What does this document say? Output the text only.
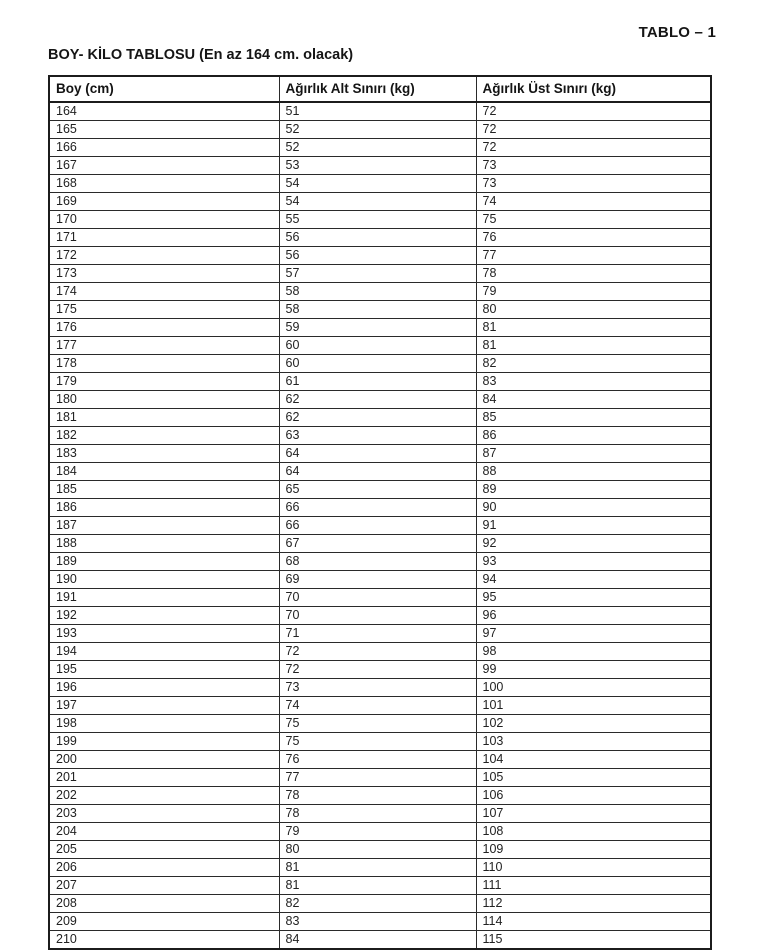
TABLO – 1
BOY- KİLO TABLOSU (En az 164 cm. olacak)
Boy (cm)	Ağırlık Alt Sınırı (kg)	Ağırlık Üst Sınırı (kg)
164	51	72
165	52	72
166	52	72
167	53	73
168	54	73
169	54	74
170	55	75
171	56	76
172	56	77
173	57	78
174	58	79
175	58	80
176	59	81
177	60	81
178	60	82
179	61	83
180	62	84
181	62	85
182	63	86
183	64	87
184	64	88
185	65	89
186	66	90
187	66	91
188	67	92
189	68	93
190	69	94
191	70	95
192	70	96
193	71	97
194	72	98
195	72	99
196	73	100
197	74	101
198	75	102
199	75	103
200	76	104
201	77	105
202	78	106
203	78	107
204	79	108
205	80	109
206	81	110
207	81	111
208	82	112
209	83	114
210	84	115
